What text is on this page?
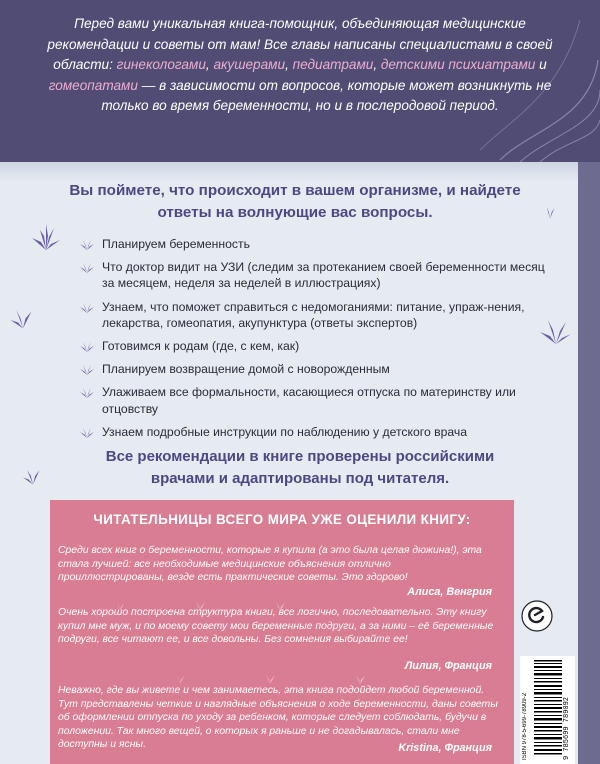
Перед вами уникальная книга-помощник, объединяющая медицинские рекомендации и советы от мам! Все главы написаны специалистами в своей области: гинекологами, акушерами, педиатрами, детскими психиатрами и гомеопатами — в зависимости от вопросов, которые может возникнуть не только во время беременности, но и в послеродовой период.

Вы поймете, что происходит в вашем организме, и найдете ответы на волнующие вас вопросы.

Планируем беременность
Что доктор видит на УЗИ (следим за протеканием своей беременности месяц за месяцем, неделя за неделей в иллюстрациях)
Узнаем, что поможет справиться с недомоганиями: питание, упраж-нения, лекарства, гомеопатия, акупунктура (ответы экспертов)
Готовимся к родам (где, с кем, как)
Планируем возвращение домой с новорожденным
Улаживаем все формальности, касающиеся отпуска по материнству или отцовству
Узнаем подробные инструкции по наблюдению у детского врача

Все рекомендации в книге проверены российскими врачами и адаптированы под читателя.

ЧИТАТЕЛЬНИЦЫ ВСЕГО МИРА УЖЕ ОЦЕНИЛИ КНИГУ:

Среди всех книг о беременности, которые я купила (а это была целая дюжина!), эта стала лучшей: все необходимые медицинские объяснения отлично проиллюстрированы, везде есть практические советы. Это здорово!

Алиса, Венгрия

Очень хорошо построена структура книги, все логично, последовательно. Эту книгу купил мне муж, и по моему совету мои беременные подруги, а за ними – её беременные подруги, все читают ее, и все довольны. Без сомнения выбирайте ее!

Лилия, Франция

Неважно, где вы живете и чем занимаетесь, эта книга подойдет любой беременной. Тут представлены четкие и наглядные объяснения о ходе беременности, даны советы об оформлении отпуска по уходу за ребенком, которые следует соблюдать, будучи в положении. Так много вещей, о которых я раньше и не догадывалась, стали мне доступны и ясны.	Kristina, Франция	ISBN 978-5-699-78909-2	9 785699 789092
